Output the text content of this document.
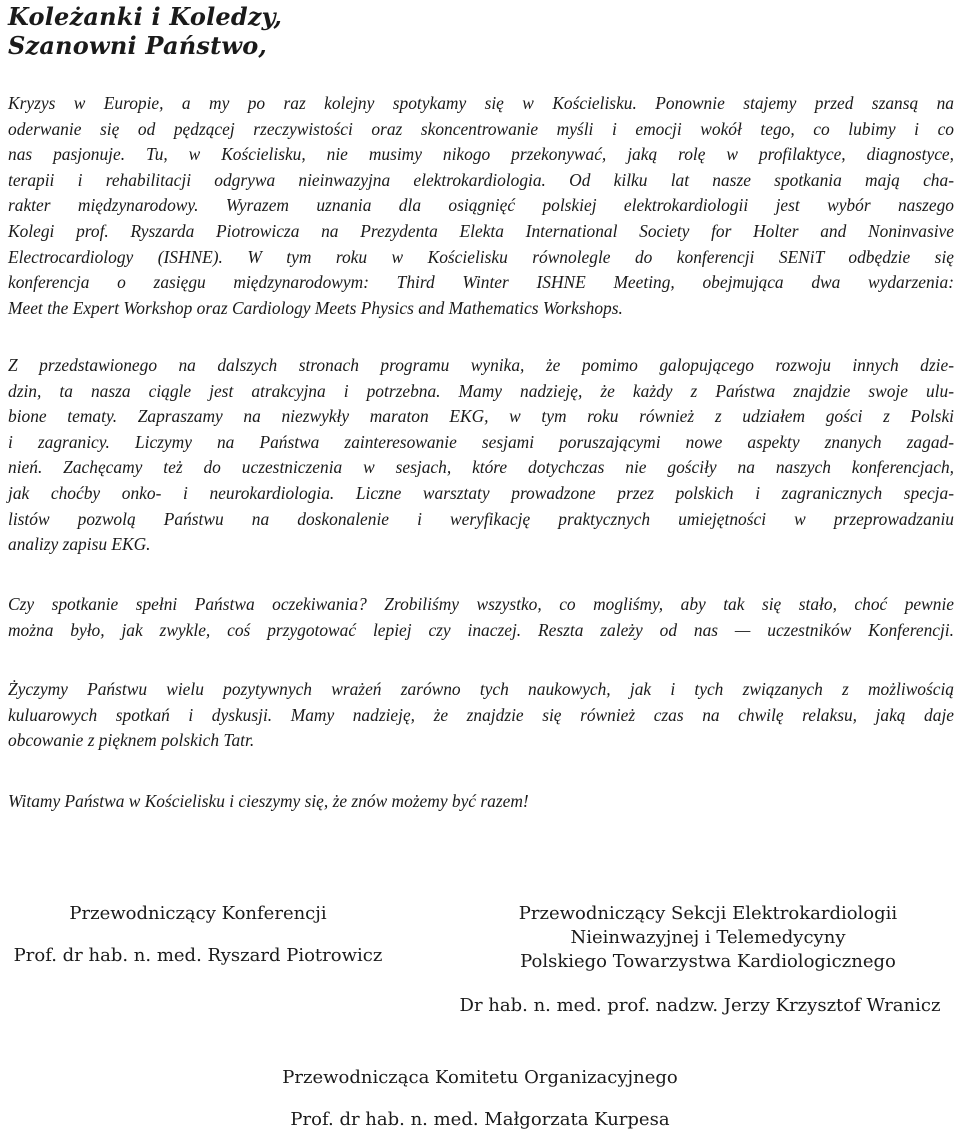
Koleżanki i Koledzy,
Szanowni Państwo,
Kryzys w Europie, a my po raz kolejny spotykamy się w Kościelisku. Ponownie stajemy przed szansą na
oderwanie się od pędzącej rzeczywistości oraz skoncentrowanie myśli i emocji wokół tego, co lubimy i co
nas pasjonuje. Tu, w Kościelisku, nie musimy nikogo przekonywać, jaką rolę w profilaktyce, diagnostyce,
terapii i rehabilitacji odgrywa nieinwazyjna elektrokardiologia. Od kilku lat nasze spotkania mają cha-
rakter międzynarodowy. Wyrazem uznania dla osiągnięć polskiej elektrokardiologii jest wybór naszego
Kolegi prof. Ryszarda Piotrowicza na Prezydenta Elekta International Society for Holter and Noninvasive
Electrocardiology (ISHNE). W tym roku w Kościelisku równolegle do konferencji SENiT odbędzie się
konferencja o zasięgu międzynarodowym: Third Winter ISHNE Meeting, obejmująca dwa wydarzenia:
Meet the Expert Workshop oraz Cardiology Meets Physics and Mathematics Workshops.
Z przedstawionego na dalszych stronach programu wynika, że pomimo galopującego rozwoju innych dzie-
dzin, ta nasza ciągle jest atrakcyjna i potrzebna. Mamy nadzieję, że każdy z Państwa znajdzie swoje ulu-
bione tematy. Zapraszamy na niezwykły maraton EKG, w tym roku również z udziałem gości z Polski
i zagranicy. Liczymy na Państwa zainteresowanie sesjami poruszającymi nowe aspekty znanych zagad-
nień. Zachęcamy też do uczestniczenia w sesjach, które dotychczas nie gościły na naszych konferencjach,
jak choćby onko- i neurokardiologia. Liczne warsztaty prowadzone przez polskich i zagranicznych specja-
listów pozwolą Państwu na doskonalenie i weryfikację praktycznych umiejętności w przeprowadzaniu
analizy zapisu EKG.
Czy spotkanie spełni Państwa oczekiwania? Zrobiliśmy wszystko, co mogliśmy, aby tak się stało, choć pewnie
można było, jak zwykle, coś przygotować lepiej czy inaczej. Reszta zależy od nas — uczestników Konferencji.
Życzymy Państwu wielu pozytywnych wrażeń zarówno tych naukowych, jak i tych związanych z możliwością
kuluarowych spotkań i dyskusji. Mamy nadzieję, że znajdzie się również czas na chwilę relaksu, jaką daje
obcowanie z pięknem polskich Tatr.
Witamy Państwa w Kościelisku i cieszymy się, że znów możemy być razem!
Przewodniczący Konferencji
Prof. dr hab. n. med. Ryszard Piotrowicz
Przewodniczący Sekcji Elektrokardiologii
Nieinwazyjnej i Telemedycyny
Polskiego Towarzystwa Kardiologicznego
Dr hab. n. med. prof. nadzw. Jerzy Krzysztof Wranicz
Przewodnicząca Komitetu Organizacyjnego
Prof. dr hab. n. med. Małgorzata Kurpesa
